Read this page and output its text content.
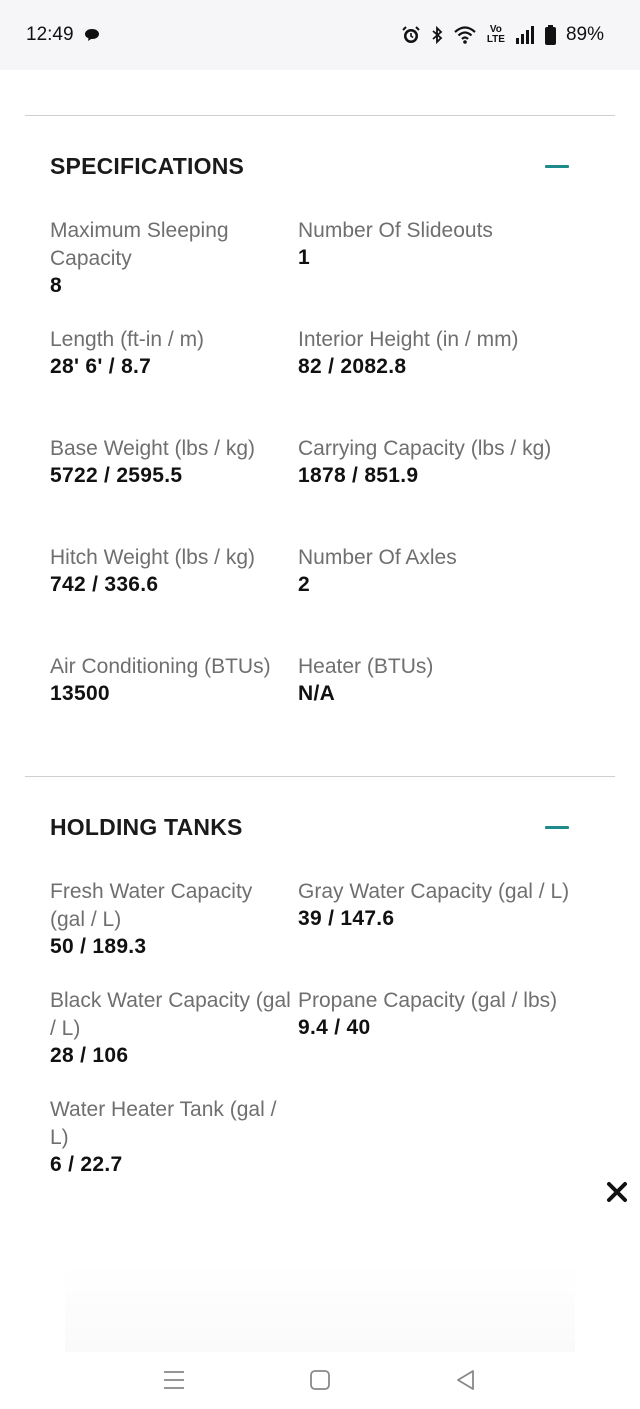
12:49	Vo
LTE	89%
SPECIFICATIONS
Maximum Sleeping Capacity
8
Number Of Slideouts
1
Length (ft-in / m)
28' 6' / 8.7
Interior Height (in / mm)
82 / 2082.8
Base Weight (lbs / kg)
5722 / 2595.5
Carrying Capacity (lbs / kg)
1878 / 851.9
Hitch Weight (lbs / kg)
742 / 336.6
Number Of Axles
2
Air Conditioning (BTUs)
13500
Heater (BTUs)
N/A
HOLDING TANKS
Fresh Water Capacity (gal / L)
50 / 189.3
Gray Water Capacity (gal / L)
39 / 147.6
Black Water Capacity (gal / L)
28 / 106
Propane Capacity (gal / lbs)
9.4 / 40
Water Heater Tank (gal / L)
6 / 22.7
